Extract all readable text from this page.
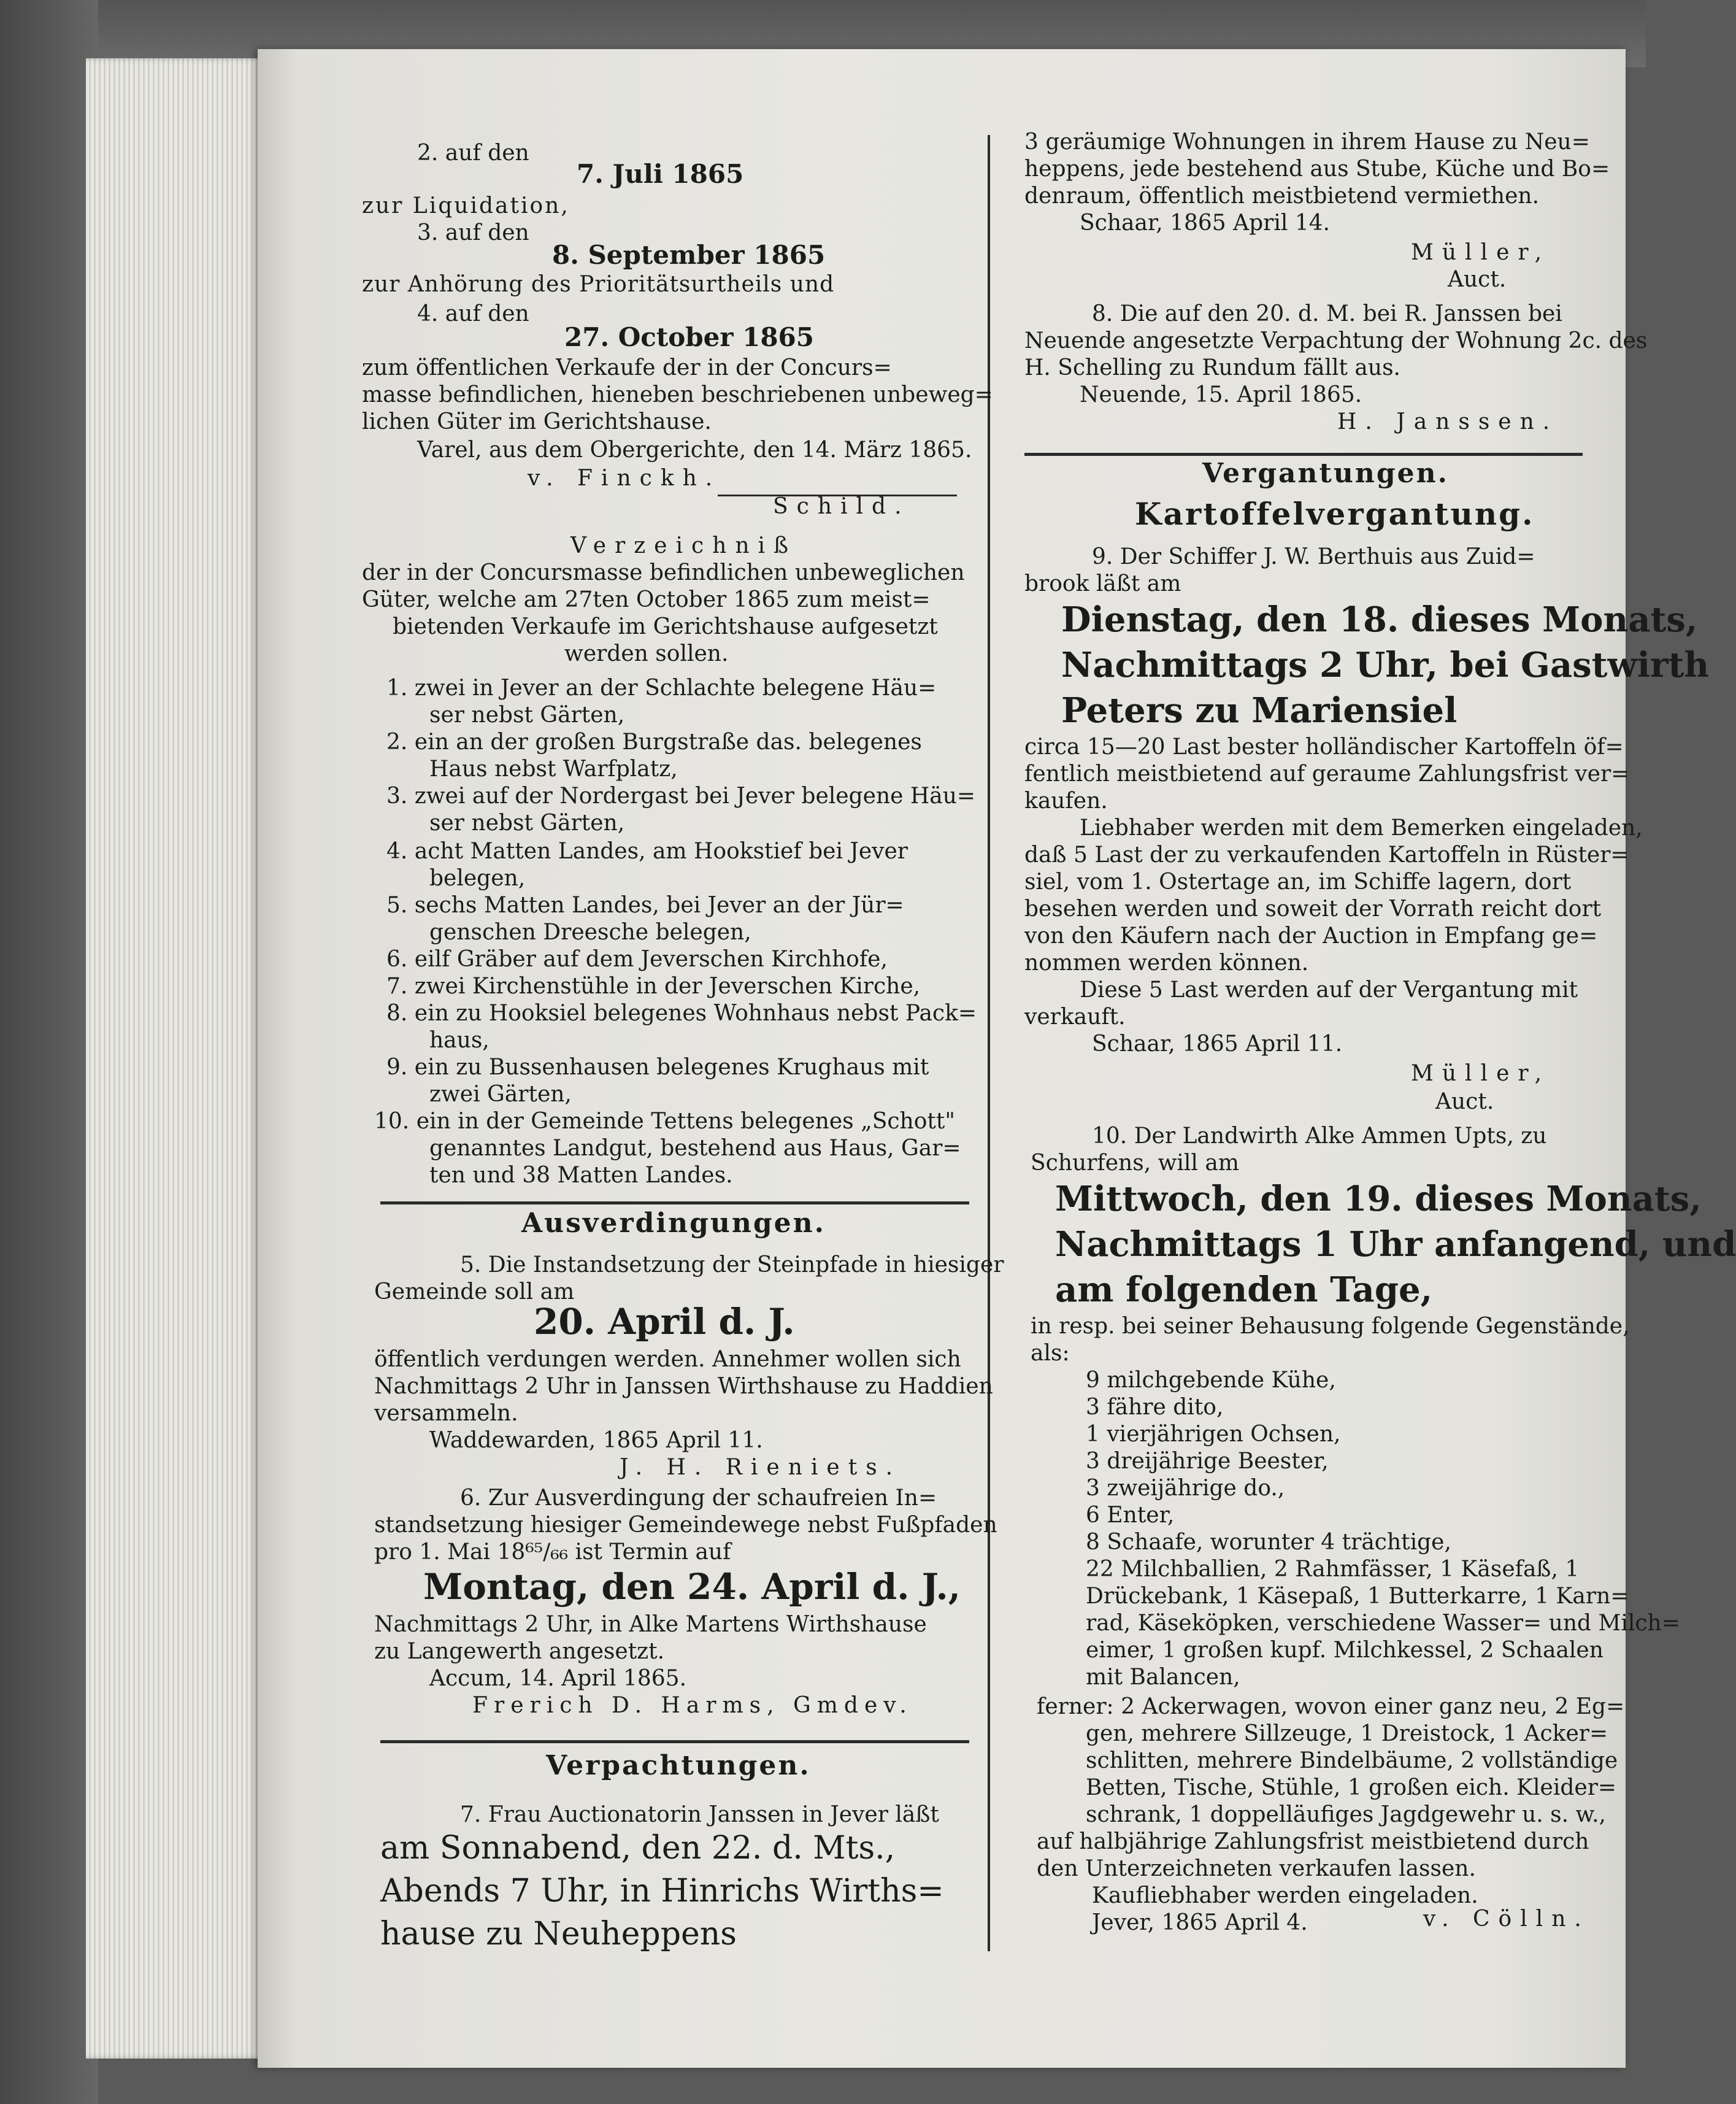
2. auf den
7. Juli 1865
zur Liquidation,
3. auf den
8. September 1865
zur Anhörung des Prioritätsurtheils und
4. auf den
27. October 1865
zum öffentlichen Verkaufe der in der Concurs=
masse befindlichen, hieneben beschriebenen unbeweg=
lichen Güter im Gerichtshause.
Varel, aus dem Obergerichte, den 14. März 1865.
v. Finckh.
Schild.
Verzeichniß
der in der Concursmasse befindlichen unbeweglichen
Güter, welche am 27ten October 1865 zum meist=
bietenden Verkaufe im Gerichtshause aufgesetzt
werden sollen.
1. zwei in Jever an der Schlachte belegene Häu=
ser nebst Gärten,
2. ein an der großen Burgstraße das. belegenes
Haus nebst Warfplatz,
3. zwei auf der Nordergast bei Jever belegene Häu=
ser nebst Gärten,
4. acht Matten Landes, am Hookstief bei Jever
belegen,
5. sechs Matten Landes, bei Jever an der Jür=
genschen Dreesche belegen,
6. eilf Gräber auf dem Jeverschen Kirchhofe,
7. zwei Kirchenstühle in der Jeverschen Kirche,
8. ein zu Hooksiel belegenes Wohnhaus nebst Pack=
haus,
9. ein zu Bussenhausen belegenes Krughaus mit
zwei Gärten,
10. ein in der Gemeinde Tettens belegenes „Schott"
genanntes Landgut, bestehend aus Haus, Gar=
ten und 38 Matten Landes.
Ausverdingungen.
5. Die Instandsetzung der Steinpfade in hiesiger
Gemeinde soll am
20. April d. J.
öffentlich verdungen werden. Annehmer wollen sich
Nachmittags 2 Uhr in Janssen Wirthshause zu Haddien
versammeln.
Waddewarden, 1865 April 11.
J. H. Rieniets.
6. Zur Ausverdingung der schaufreien In=
standsetzung hiesiger Gemeindewege nebst Fußpfaden
pro 1. Mai 18⁶⁵/₆₆ ist Termin auf
Montag, den 24. April d. J.,
Nachmittags 2 Uhr, in Alke Martens Wirthshause
zu Langewerth angesetzt.
Accum, 14. April 1865.
Frerich D. Harms, Gmdev.
Verpachtungen.
7. Frau Auctionatorin Janssen in Jever läßt
am Sonnabend, den 22. d. Mts.,
Abends 7 Uhr, in Hinrichs Wirths=
hause zu Neuheppens
3 geräumige Wohnungen in ihrem Hause zu Neu=
heppens, jede bestehend aus Stube, Küche und Bo=
denraum, öffentlich meistbietend vermiethen.
Schaar, 1865 April 14.
Müller,
Auct.
8. Die auf den 20. d. M. bei R. Janssen bei
Neuende angesetzte Verpachtung der Wohnung 2c. des
H. Schelling zu Rundum fällt aus.
Neuende, 15. April 1865.
H. Janssen.
Vergantungen.
Kartoffelvergantung.
9. Der Schiffer J. W. Berthuis aus Zuid=
brook läßt am
Dienstag, den 18. dieses Monats,
Nachmittags 2 Uhr, bei Gastwirth
Peters zu Mariensiel
circa 15—20 Last bester holländischer Kartoffeln öf=
fentlich meistbietend auf geraume Zahlungsfrist ver=
kaufen.
Liebhaber werden mit dem Bemerken eingeladen,
daß 5 Last der zu verkaufenden Kartoffeln in Rüster=
siel, vom 1. Ostertage an, im Schiffe lagern, dort
besehen werden und soweit der Vorrath reicht dort
von den Käufern nach der Auction in Empfang ge=
nommen werden können.
Diese 5 Last werden auf der Vergantung mit
verkauft.
Schaar, 1865 April 11.
Müller,
Auct.
10. Der Landwirth Alke Ammen Upts, zu
Schurfens, will am
Mittwoch, den 19. dieses Monats,
Nachmittags 1 Uhr anfangend, und
am folgenden Tage,
in resp. bei seiner Behausung folgende Gegenstände,
als:
9 milchgebende Kühe,
3 fähre dito,
1 vierjährigen Ochsen,
3 dreijährige Beester,
3 zweijährige do.,
6 Enter,
8 Schaafe, worunter 4 trächtige,
22 Milchballien, 2 Rahmfässer, 1 Käsefaß, 1
Drückebank, 1 Käsepaß, 1 Butterkarre, 1 Karn=
rad, Käseköpken, verschiedene Wasser= und Milch=
eimer, 1 großen kupf. Milchkessel, 2 Schaalen
mit Balancen,
ferner: 2 Ackerwagen, wovon einer ganz neu, 2 Eg=
gen, mehrere Sillzeuge, 1 Dreistock, 1 Acker=
schlitten, mehrere Bindelbäume, 2 vollständige
Betten, Tische, Stühle, 1 großen eich. Kleider=
schrank, 1 doppelläufiges Jagdgewehr u. s. w.,
auf halbjährige Zahlungsfrist meistbietend durch
den Unterzeichneten verkaufen lassen.
Kaufliebhaber werden eingeladen.
Jever, 1865 April 4.	v. Cölln.
